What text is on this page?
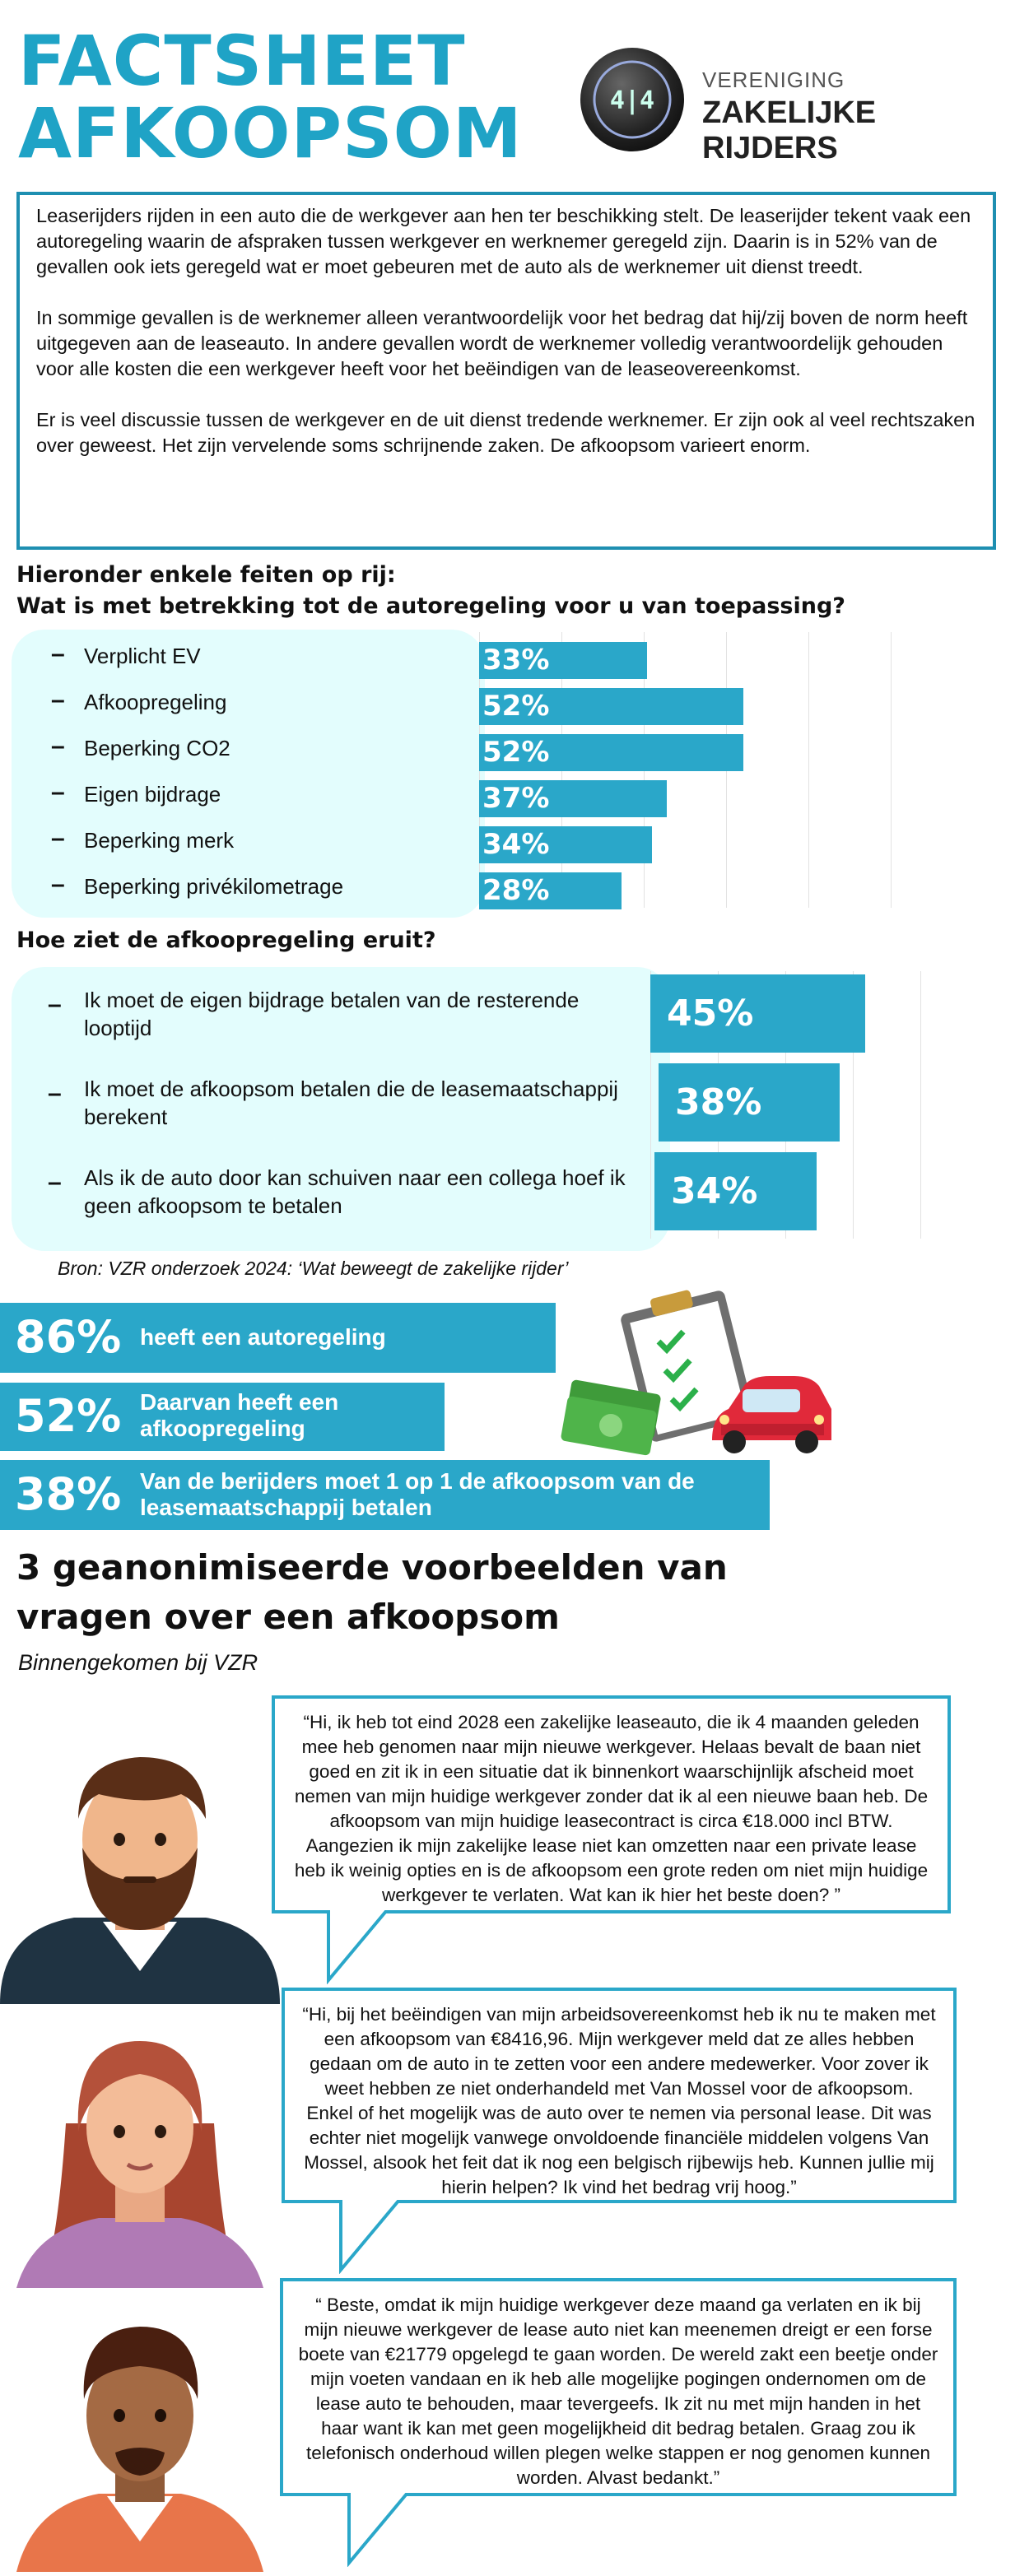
FACTSHEET
AFKOOPSOM	4|4
VERENIGING
ZAKELIJKE RIJDERS

Leaserijders rijden in een auto die de werkgever aan hen ter beschikking stelt. De leaserijder tekent vaak een autoregeling waarin de afspraken tussen werkgever en werknemer geregeld zijn. Daarin is in 52% van de gevallen ook iets geregeld wat er moet gebeuren met de auto als de werknemer uit dienst treedt.

In sommige gevallen is de werknemer alleen verantwoordelijk voor het bedrag dat hij/zij boven de norm heeft uitgegeven aan de leaseauto. In andere gevallen wordt de werknemer volledig verantwoordelijk gehouden voor alle kosten die een werkgever heeft voor het beëindigen van de leaseovereenkomst.

Er is veel discussie tussen de werkgever en de uit dienst tredende werknemer. Er zijn ook al veel rechtszaken over geweest. Het zijn vervelende soms schrijnende zaken. De afkoopsom varieert enorm.

Hieronder enkele feiten op rij:
Wat is met betrekking tot de autoregeling voor u van toepassing?
– Verplicht EV	33%
– Afkoopregeling	52%
– Beperking CO2	52%
– Eigen bijdrage	37%
– Beperking merk	34%
– Beperking privékilometrage	28%
Hoe ziet de afkoopregeling eruit?
– Ik moet de eigen bijdrage betalen van de resterende looptijd	45%
– Ik moet de afkoopsom betalen die de leasemaatschappij berekent	38%
– Als ik de auto door kan schuiven naar een collega hoef ik geen afkoopsom te betalen	34%
Bron: VZR onderzoek 2024: ‘Wat beweegt de zakelijke rijder’
86% heeft een autoregeling
52% Daarvan heeft een afkoopregeling
38% Van de berijders moet 1 op 1 de afkoopsom van de leasemaatschappij betalen
3 geanonimiseerde voorbeelden van
vragen over een afkoopsom
Binnengekomen bij VZR
“Hi, ik heb tot eind 2028 een zakelijke leaseauto, die ik 4 maanden geleden mee heb genomen naar mijn nieuwe werkgever. Helaas bevalt de baan niet goed en zit ik in een situatie dat ik binnenkort waarschijnlijk afscheid moet nemen van mijn huidige werkgever zonder dat ik al een nieuwe baan heb. De afkoopsom van mijn huidige leasecontract is circa €18.000 incl BTW. Aangezien ik mijn zakelijke lease niet kan omzetten naar een private lease heb ik weinig opties en is de afkoopsom een grote reden om niet mijn huidige werkgever te verlaten. Wat kan ik hier het beste doen? ”
“Hi, bij het beëindigen van mijn arbeidsovereenkomst heb ik nu te maken met een afkoopsom van €8416,96. Mijn werkgever meld dat ze alles hebben gedaan om de auto in te zetten voor een andere medewerker. Voor zover ik weet hebben ze niet onderhandeld met Van Mossel voor de afkoopsom. Enkel of het mogelijk was de auto over te nemen via personal lease. Dit was echter niet mogelijk vanwege onvoldoende financiële middelen volgens Van Mossel, alsook het feit dat ik nog een belgisch rijbewijs heb. Kunnen jullie mij hierin helpen? Ik vind het bedrag vrij hoog.”
“ Beste, omdat ik mijn huidige werkgever deze maand ga verlaten en ik bij mijn nieuwe werkgever de lease auto niet kan meenemen dreigt er een forse boete van €21779 opgelegd te gaan worden. De wereld zakt een beetje onder mijn voeten vandaan en ik heb alle mogelijke pogingen ondernomen om de lease auto te behouden, maar tevergeefs. Ik zit nu met mijn handen in het haar want ik kan met geen mogelijkheid dit bedrag betalen. Graag zou ik telefonisch onderhoud willen plegen welke stappen er nog genomen kunnen worden. Alvast bedankt.”
